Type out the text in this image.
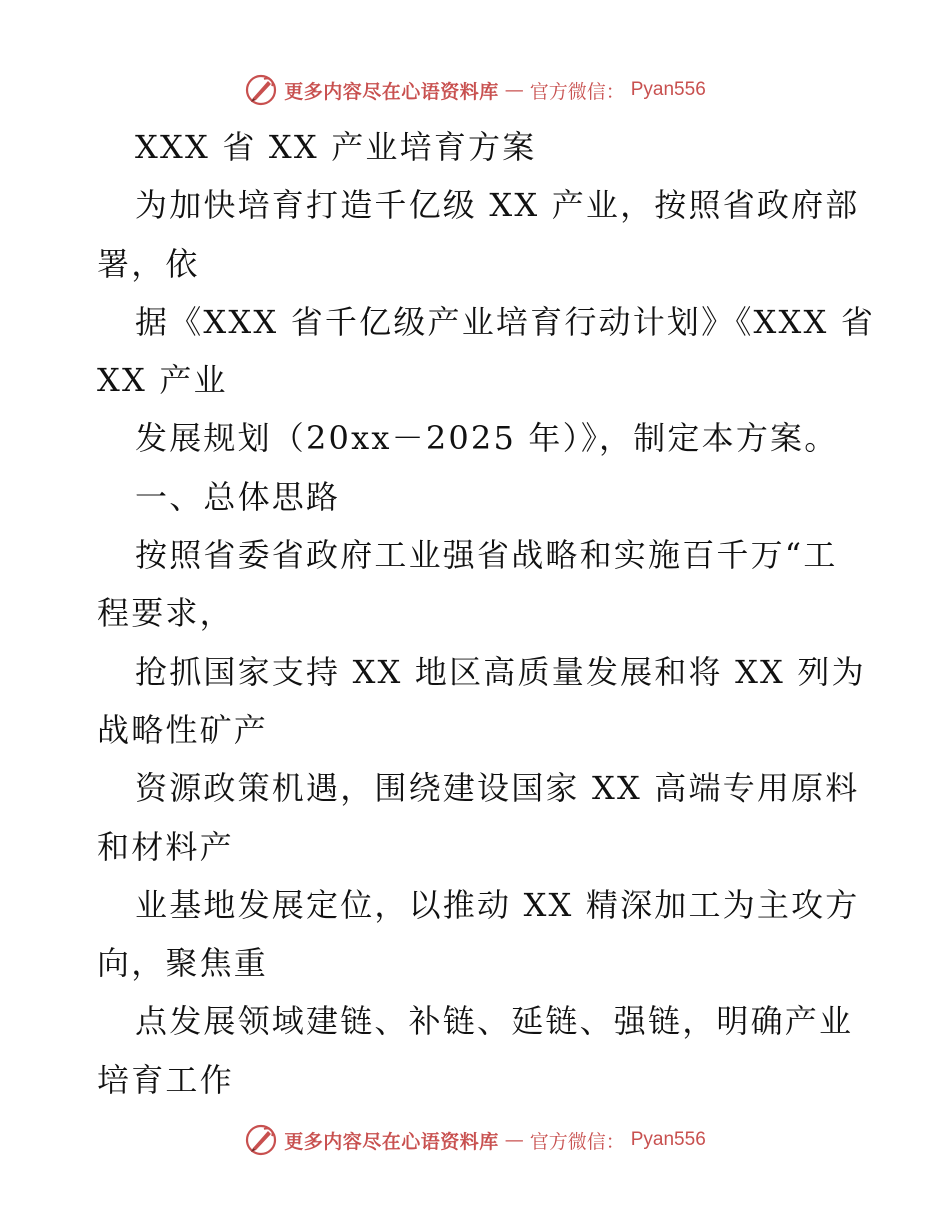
更多内容尽在心语资料库 — 官方微信： Pyan556
XXX 省 XX 产业培育方案
为加快培育打造千亿级 XX 产业，按照省政府部
署，依
据《XXX 省千亿级产业培育行动计划》《XXX 省
XX 产业
发展规划（20xx－2025 年）》，制定本方案。
一、总体思路
按照省委省政府工业强省战略和实施百千万“工
程要求，
抢抓国家支持 XX 地区高质量发展和将 XX 列为
战略性矿产
资源政策机遇，围绕建设国家 XX 高端专用原料
和材料产
业基地发展定位，以推动 XX 精深加工为主攻方
向，聚焦重
点发展领域建链、补链、延链、强链，明确产业
培育工作
更多内容尽在心语资料库 — 官方微信： Pyan556
